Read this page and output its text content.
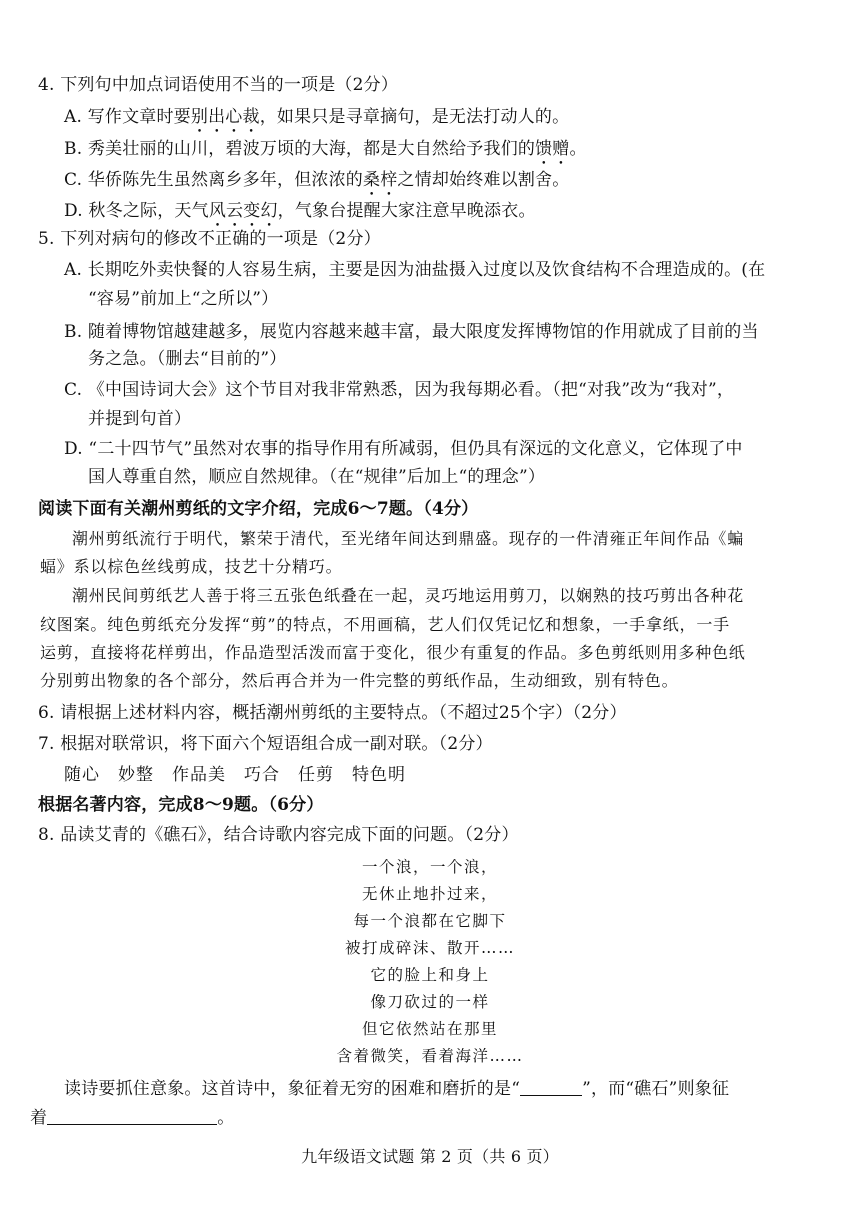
4. 下列句中加点词语使用不当的一项是（2分）
A. 写作文章时要别出心裁，如果只是寻章摘句，是无法打动人的。
B. 秀美壮丽的山川，碧波万顷的大海，都是大自然给予我们的馈赠。
C. 华侨陈先生虽然离乡多年，但浓浓的桑梓之情却始终难以割舍。
D. 秋冬之际，天气风云变幻，气象台提醒大家注意早晚添衣。
5. 下列对病句的修改不正确的一项是（2分）
A. 长期吃外卖快餐的人容易生病，主要是因为油盐摄入过度以及饮食结构不合理造成的。(在
“容易”前加上“之所以”）
B. 随着博物馆越建越多，展览内容越来越丰富，最大限度发挥博物馆的作用就成了目前的当
务之急。（删去“目前的”）
C. 《中国诗词大会》这个节目对我非常熟悉，因为我每期必看。（把“对我”改为“我对”，
并提到句首）
D. “二十四节气”虽然对农事的指导作用有所减弱，但仍具有深远的文化意义，它体现了中
国人尊重自然，顺应自然规律。（在“规律”后加上“的理念”）
阅读下面有关潮州剪纸的文字介绍，完成6～7题。（4分）
潮州剪纸流行于明代，繁荣于清代，至光绪年间达到鼎盛。现存的一件清雍正年间作品《蝙
蝠》系以棕色丝线剪成，技艺十分精巧。
潮州民间剪纸艺人善于将三五张色纸叠在一起，灵巧地运用剪刀，以娴熟的技巧剪出各种花
纹图案。纯色剪纸充分发挥“剪”的特点，不用画稿，艺人们仅凭记忆和想象，一手拿纸，一手
运剪，直接将花样剪出，作品造型活泼而富于变化，很少有重复的作品。多色剪纸则用多种色纸
分别剪出物象的各个部分，然后再合并为一件完整的剪纸作品，生动细致，别有特色。
6. 请根据上述材料内容，概括潮州剪纸的主要特点。（不超过25个字）（2分）
7. 根据对联常识，将下面六个短语组合成一副对联。（2分）
随心　妙整　作品美　巧合　任剪　特色明
根据名著内容，完成8～9题。（6分）
8. 品读艾青的《礁石》，结合诗歌内容完成下面的问题。（2分）
一个浪，一个浪，
无休止地扑过来，
每一个浪都在它脚下
被打成碎沫、散开……
它的脸上和身上
像刀砍过的一样
但它依然站在那里
含着微笑，看着海洋……
读诗要抓住意象。这首诗中，象征着无穷的困难和磨折的是“	”，而“礁石”则象征
着	。
九年级语文试题 第 2 页（共 6 页）
